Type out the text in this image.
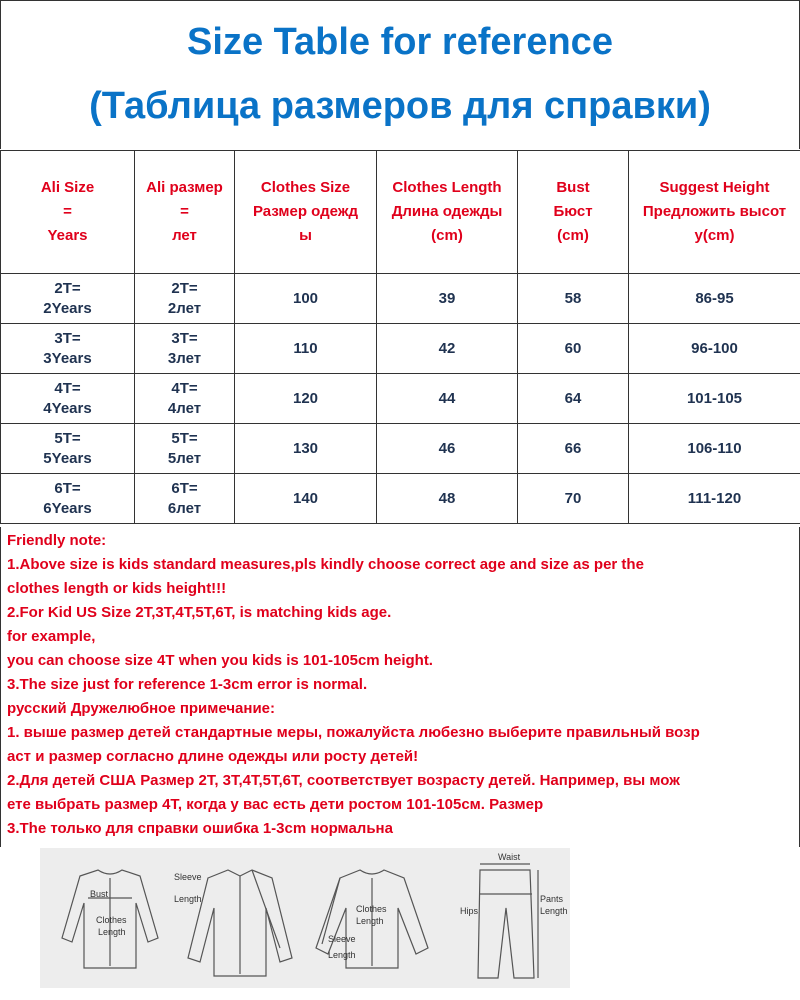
Size Table for reference
(Таблица размеров для справки)
Ali Size
=
Years	Ali размер
=
лет	Clothes Size
Размер одежд
ы	Clothes Length
Длина одежды
(cm)	Bust
Бюст
(cm)	Suggest Height
Предложить высот
у(cm)

2T=
2Years	2T=
2лет	100	39	58	86-95

3T=
3Years	3T=
3лет	110	42	60	96-100

4T=
4Years	4T=
4лет	120	44	64	101-105

5T=
5Years	5T=
5лет	130	46	66	106-110

6T=
6Years	6T=
6лет	140	48	70	111-120
Friendly note:
1.Above size is kids standard measures,pls kindly choose correct age and size as per the
clothes length or kids height!!!
2.For Kid US Size 2T,3T,4T,5T,6T, is matching kids age.
for example,
you can choose size 4T when you kids is 101-105cm height.
3.The size just for reference 1-3cm error is normal.
русский Дружелюбное примечание:
1. выше размер детей стандартные меры, пожалуйста любезно выберите правильный возр
аст и размер согласно длине одежды или росту детей!
2.Для детей США Размер 2T, 3T,4T,5T,6T, соответствует возрасту детей. Например, вы мож
ете выбрать размер 4T, когда у вас есть дети ростом 101-105см. Размер
3.The только для справки ошибка 1-3cm нормальна
Bust
Clothes
Length
Sleeve
Length
Clothes
Length
Sleeve
Length
Waist
Pants
Length
Hips
